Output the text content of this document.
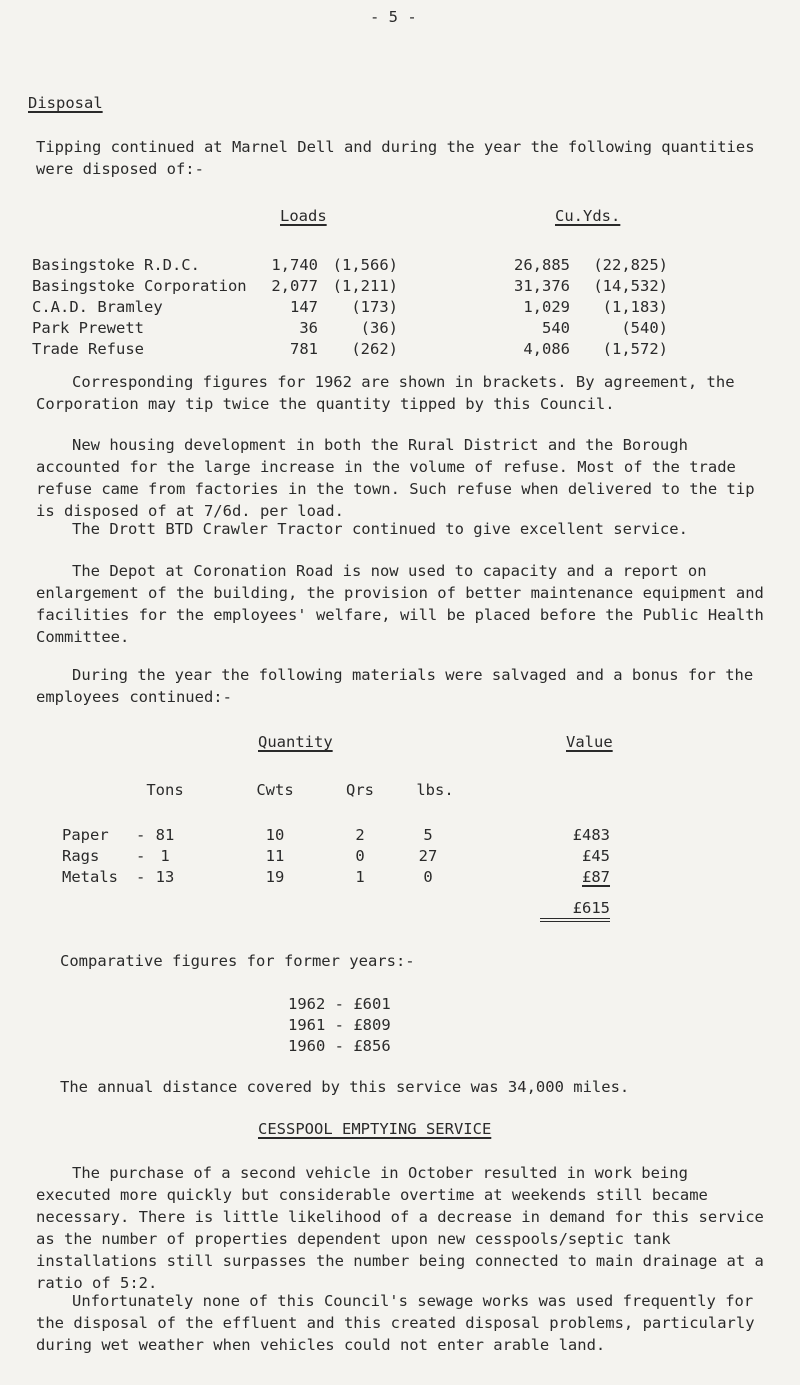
- 5 -
Disposal
Tipping continued at Marnel Dell and during the year the following quantities were disposed of:-
Loads	Cu.Yds.
Basingstoke R.D.C.	1,740 (1,566)	26,885	(22,825)
Basingstoke Corporation	2,077 (1,211)	31,376	(14,532)
C.A.D. Bramley	147	(173)	1,029	(1,183)
Park Prewett	36	(36)	540	(540)
Trade Refuse	781	(262)	4,086	(1,572)
Corresponding figures for 1962 are shown in brackets. By agreement, the Corporation may tip twice the quantity tipped by this Council.
New housing development in both the Rural District and the Borough accounted for the large increase in the volume of refuse. Most of the trade refuse came from factories in the town. Such refuse when delivered to the tip is disposed of at 7/6d. per load.
The Drott BTD Crawler Tractor continued to give excellent service.
The Depot at Coronation Road is now used to capacity and a report on enlargement of the building, the provision of better maintenance equipment and facilities for the employees' welfare, will be placed before the Public Health Committee.
During the year the following materials were salvaged and a bonus for the employees continued:-
Quantity	Value
Tons	Cwts	Qrs	lbs.
Paper - 81	10	2	5	£483
Rags - 1	11	0	27	£45
Metals - 13	19	1	0	£87
£615
Comparative figures for former years:-
1962 - £601
1961 - £809
1960 - £856
The annual distance covered by this service was 34,000 miles.
CESSPOOL EMPTYING SERVICE
The purchase of a second vehicle in October resulted in work being executed more quickly but considerable overtime at weekends still became necessary. There is little likelihood of a decrease in demand for this service as the number of properties dependent upon new cesspools/septic tank installations still surpasses the number being connected to main drainage at a ratio of 5:2.
Unfortunately none of this Council's sewage works was used frequently for the disposal of the effluent and this created disposal problems, particularly during wet weather when vehicles could not enter arable land.
